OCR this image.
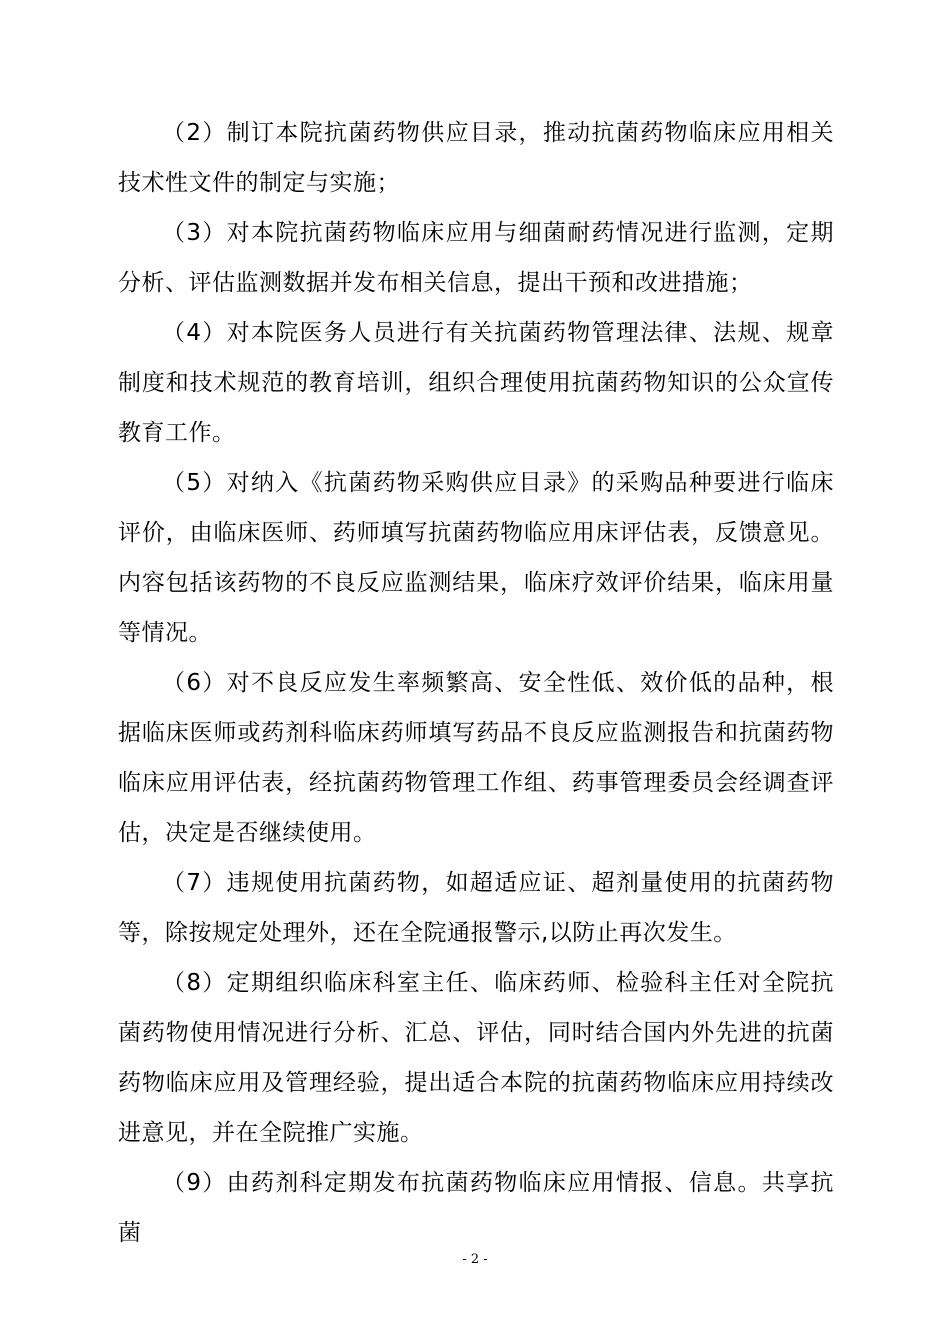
（2）制订本院抗菌药物供应目录，推动抗菌药物临床应用相关技术性文件的制定与实施；

（3）对本院抗菌药物临床应用与细菌耐药情况进行监测，定期分析、评估监测数据并发布相关信息，提出干预和改进措施；

（4）对本院医务人员进行有关抗菌药物管理法律、法规、规章制度和技术规范的教育培训，组织合理使用抗菌药物知识的公众宣传教育工作。

（5）对纳入《抗菌药物采购供应目录》的采购品种要进行临床评价，由临床医师、药师填写抗菌药物临应用床评估表，反馈意见。内容包括该药物的不良反应监测结果，临床疗效评价结果，临床用量等情况。

（6）对不良反应发生率频繁高、安全性低、效价低的品种，根据临床医师或药剂科临床药师填写药品不良反应监测报告和抗菌药物临床应用评估表，经抗菌药物管理工作组、药事管理委员会经调查评估，决定是否继续使用。

（7）违规使用抗菌药物，如超适应证、超剂量使用的抗菌药物等，除按规定处理外，还在全院通报警示,以防止再次发生。

（8）定期组织临床科室主任、临床药师、检验科主任对全院抗菌药物使用情况进行分析、汇总、评估，同时结合国内外先进的抗菌药物临床应用及管理经验，提出适合本院的抗菌药物临床应用持续改进意见，并在全院推广实施。

（9）由药剂科定期发布抗菌药物临床应用情报、信息。共享抗菌

- 2 -
